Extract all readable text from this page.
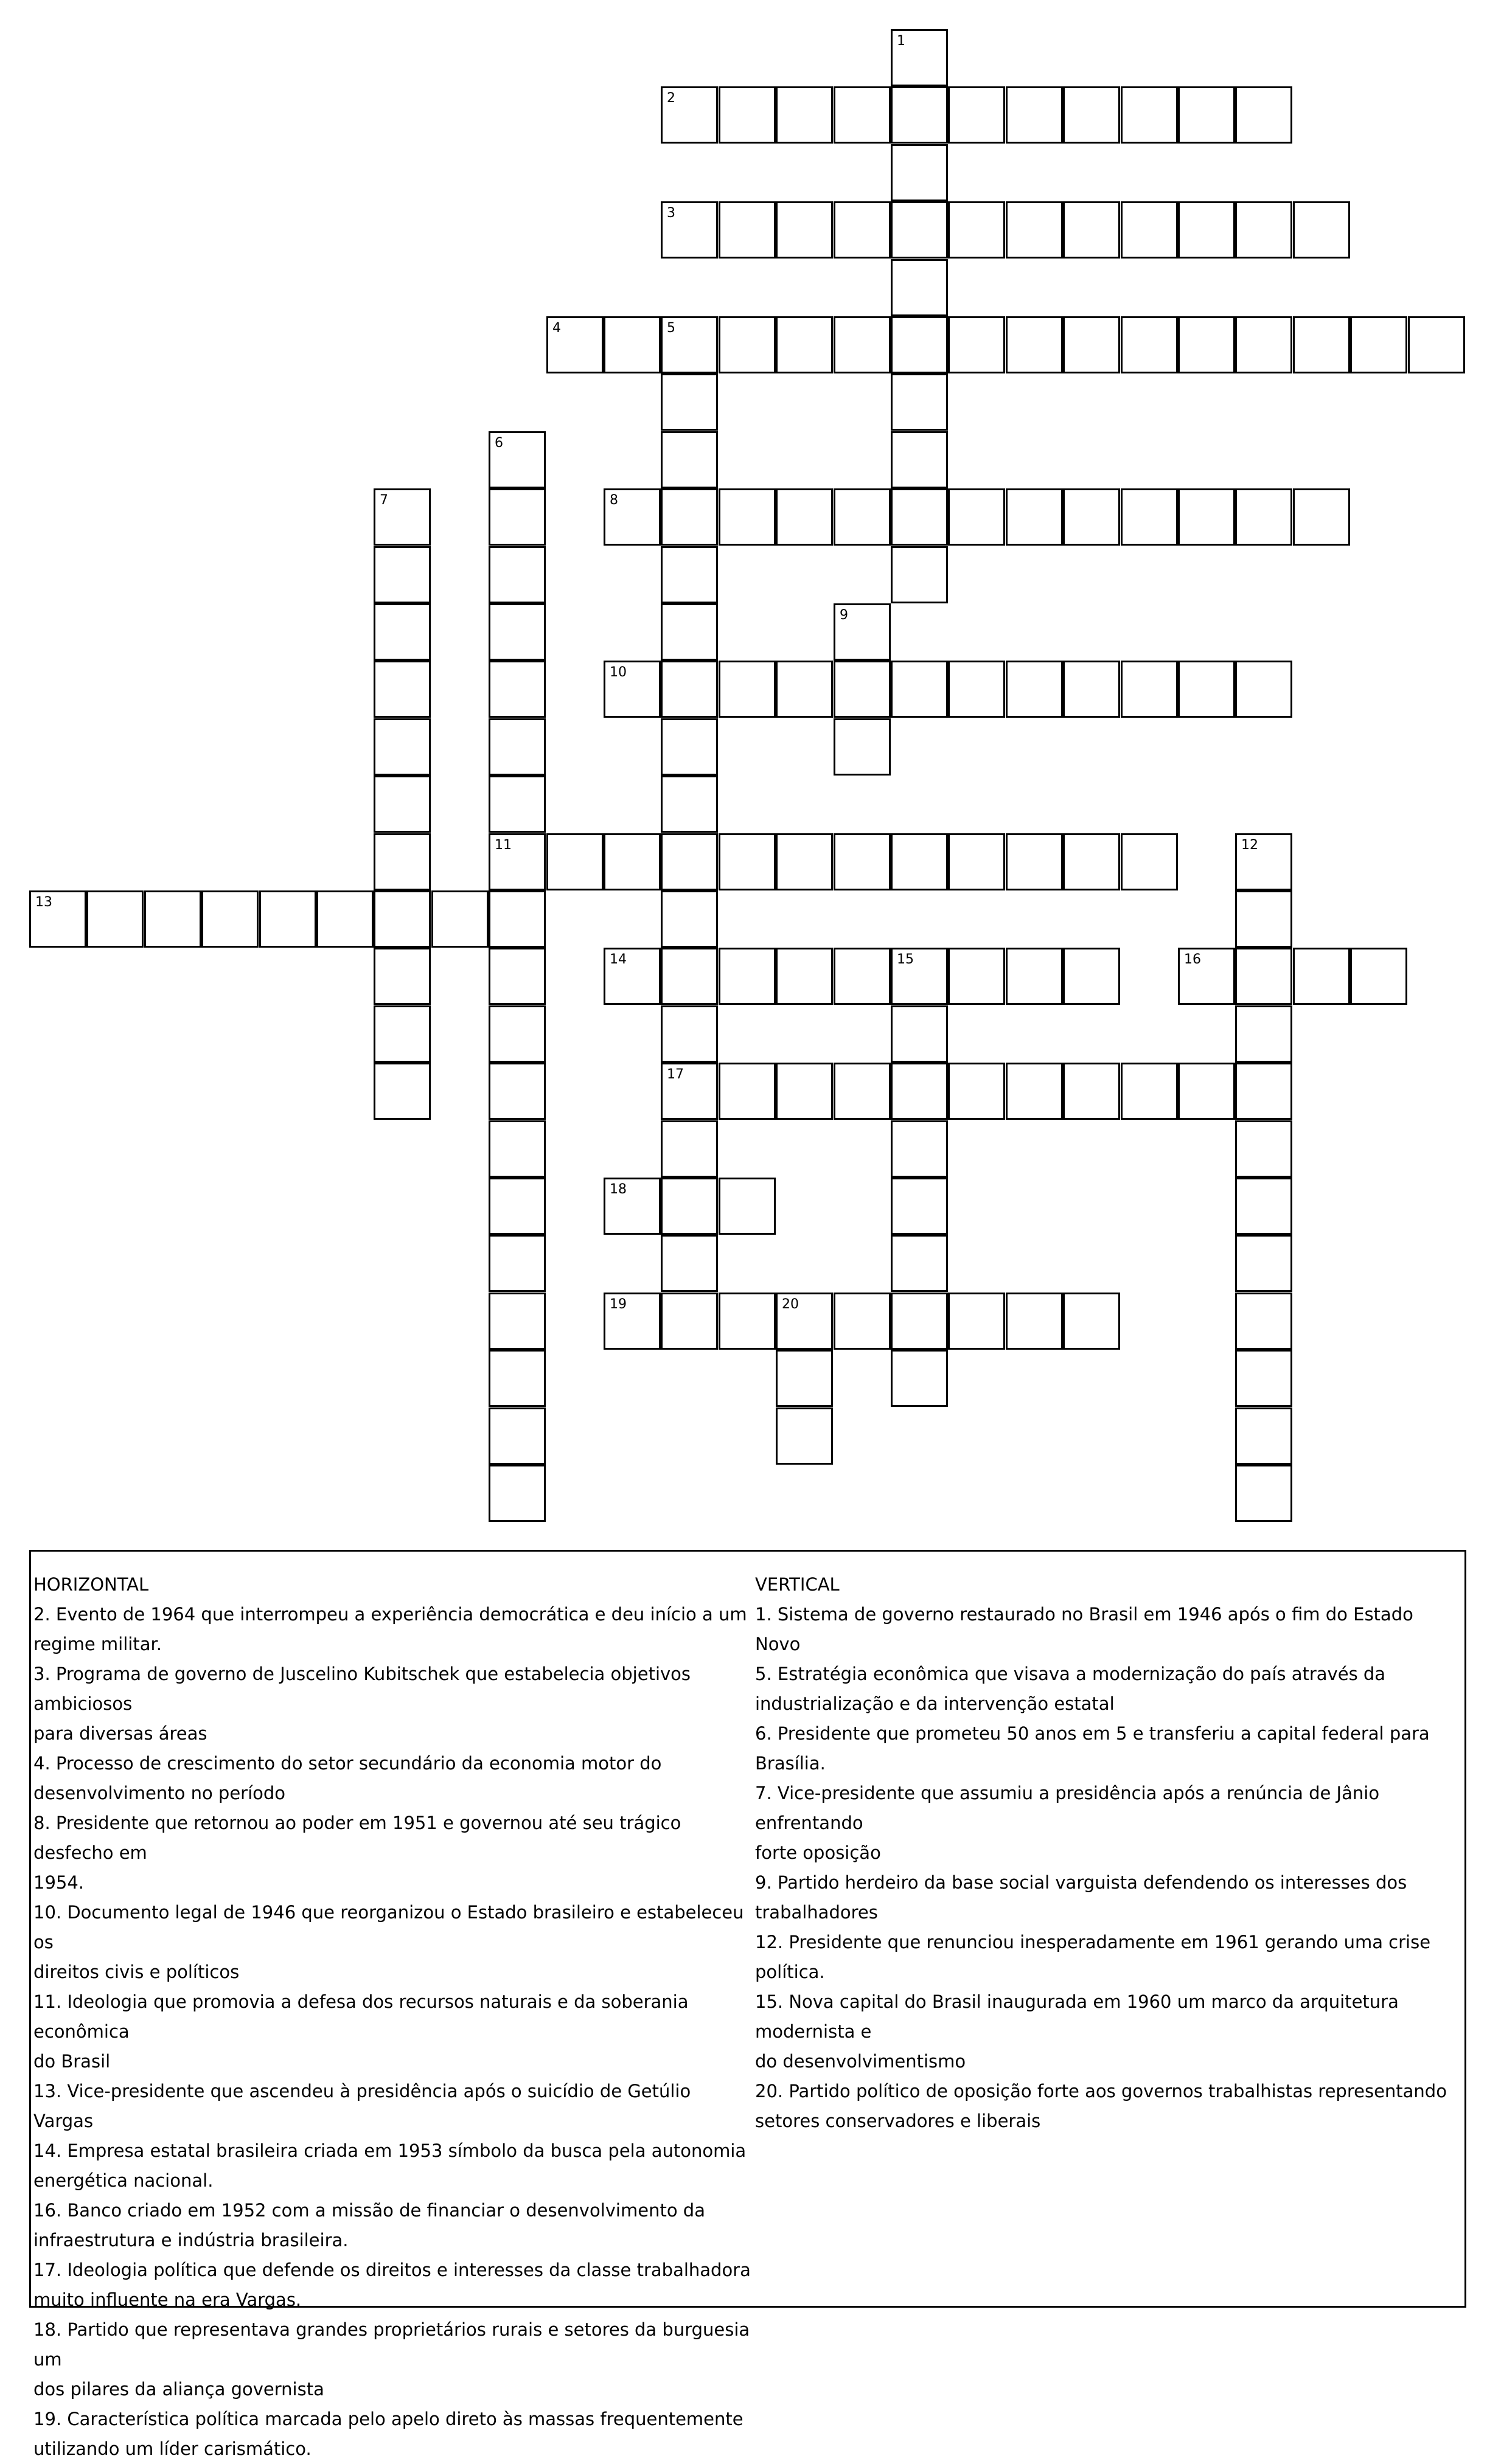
1
2
3
4	5
17
6
11
7	8
9
10
12
13
14	15	16
18
19	20
HORIZONTAL
2. Evento de 1964 que interrompeu a experiência democrática e deu início a um
regime militar.
3. Programa de governo de Juscelino Kubitschek que estabelecia objetivos ambiciosos
para diversas áreas
4. Processo de crescimento do setor secundário da economia motor do
desenvolvimento no período
8. Presidente que retornou ao poder em 1951 e governou até seu trágico desfecho em
1954.
10. Documento legal de 1946 que reorganizou o Estado brasileiro e estabeleceu os
direitos civis e políticos
11. Ideologia que promovia a defesa dos recursos naturais e da soberania econômica
do Brasil
13. Vice-presidente que ascendeu à presidência após o suicídio de Getúlio Vargas
14. Empresa estatal brasileira criada em 1953 símbolo da busca pela autonomia
energética nacional.
16. Banco criado em 1952 com a missão de financiar o desenvolvimento da
infraestrutura e indústria brasileira.
17. Ideologia política que defende os direitos e interesses da classe trabalhadora
muito influente na era Vargas.
18. Partido que representava grandes proprietários rurais e setores da burguesia um
dos pilares da aliança governista
19. Característica política marcada pelo apelo direto às massas frequentemente
utilizando um líder carismático.
VERTICAL
1. Sistema de governo restaurado no Brasil em 1946 após o fim do Estado Novo
5. Estratégia econômica que visava a modernização do país através da
industrialização e da intervenção estatal
6. Presidente que prometeu 50 anos em 5 e transferiu a capital federal para Brasília.
7. Vice-presidente que assumiu a presidência após a renúncia de Jânio enfrentando
forte oposição
9. Partido herdeiro da base social varguista defendendo os interesses dos
trabalhadores
12. Presidente que renunciou inesperadamente em 1961 gerando uma crise política.
15. Nova capital do Brasil inaugurada em 1960 um marco da arquitetura modernista e
do desenvolvimentismo
20. Partido político de oposição forte aos governos trabalhistas representando
setores conservadores e liberais
